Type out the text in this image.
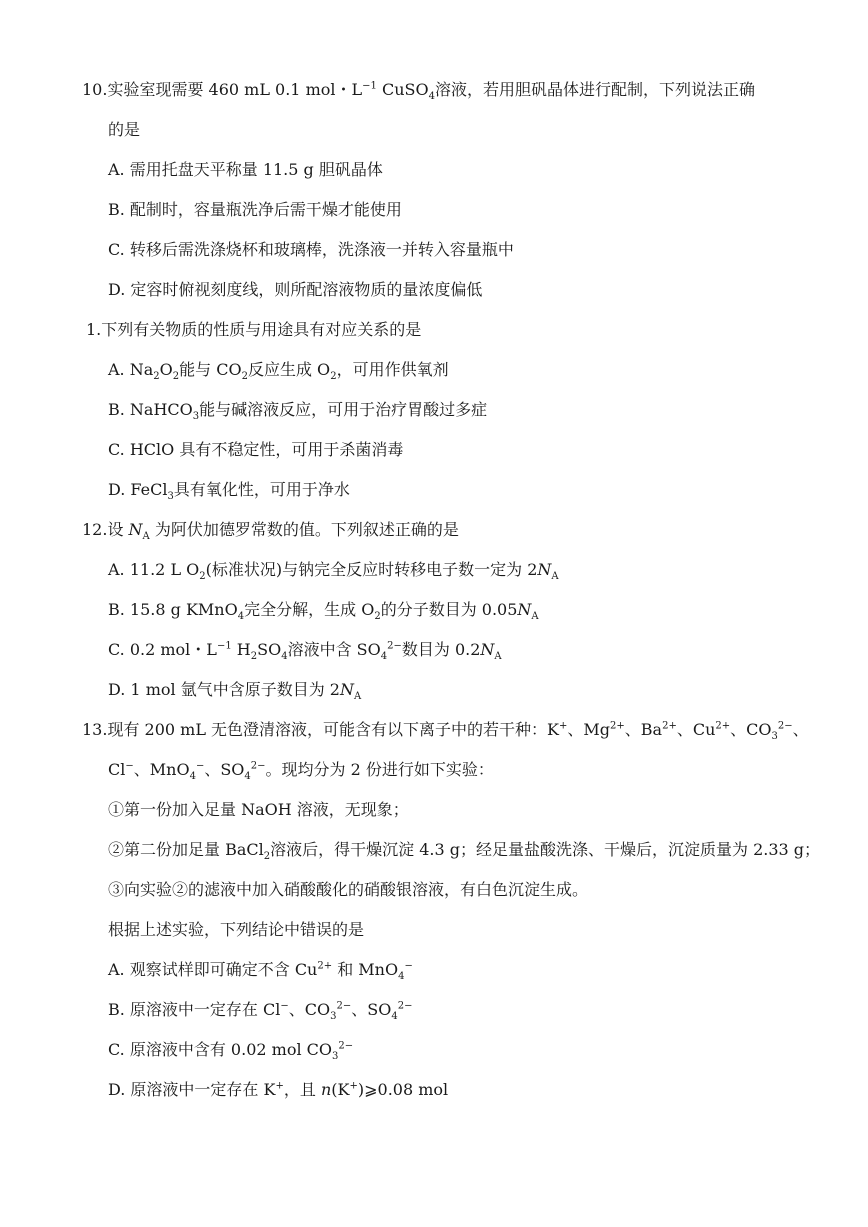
10.实验室现需要 460 mL 0.1 mol・$L^{-1}$ CuSO$_4$溶液，若用胆矾晶体进行配制，下列说法正确
的是
A. 需用托盘天平称量 11.5 g 胆矾晶体
B. 配制时，容量瓶洗净后需干燥才能使用
C. 转移后需洗涤烧杯和玻璃棒，洗涤液一并转入容量瓶中
D. 定容时俯视刻度线，则所配溶液物质的量浓度偏低
1.下列有关物质的性质与用途具有对应关系的是
A. $Na_2O_2$能与 $CO_2$反应生成 $O_2$，可用作供氧剂
B. NaHCO$_3$能与碱溶液反应，可用于治疗胃酸过多症
C. HClO 具有不稳定性，可用于杀菌消毒
D. FeCl$_3$具有氧化性，可用于净水
12.设 $N_A$ 为阿伏加德罗常数的值。下列叙述正确的是
A. 11.2 L $O_2$(标准状况)与钠完全反应时转移电子数一定为 $2N_A$
B. 15.8 g KMnO$_4$完全分解，生成 $O_2$的分子数目为 $0.05N_A$
C. 0.2 mol・$L^{-1}$ $H_2SO_4$溶液中含 $SO_4^{2-}$数目为 $0.2N_A$
D. 1 mol 氩气中含原子数目为 $2N_A$
13.现有 200 mL 无色澄清溶液，可能含有以下离子中的若干种：K+、$Mg^{2+}$、$Ba^{2+}$、$Cu^{2+}$、$CO_3^{2-}$、
Cl−、MnO$_4$−、$SO_4^{2-}$。现均分为 2 份进行如下实验：
①第一份加入足量 NaOH 溶液，无现象；
②第二份加足量 BaCl$_2$溶液后，得干燥沉淀 4.3 g；经足量盐酸洗涤、干燥后，沉淀质量为 2.33 g；
③向实验②的滤液中加入硝酸酸化的硝酸银溶液，有白色沉淀生成。
根据上述实验，下列结论中错误的是
A. 观察试样即可确定不含 $Cu^{2+}$ 和 MnO$_4$−
B. 原溶液中一定存在 Cl−、$CO_3^{2-}$、$SO_4^{2-}$
C. 原溶液中含有 0.02 mol $CO_3^{2-}$
D. 原溶液中一定存在 K+，且 n(K+)⩾0.08 mol
